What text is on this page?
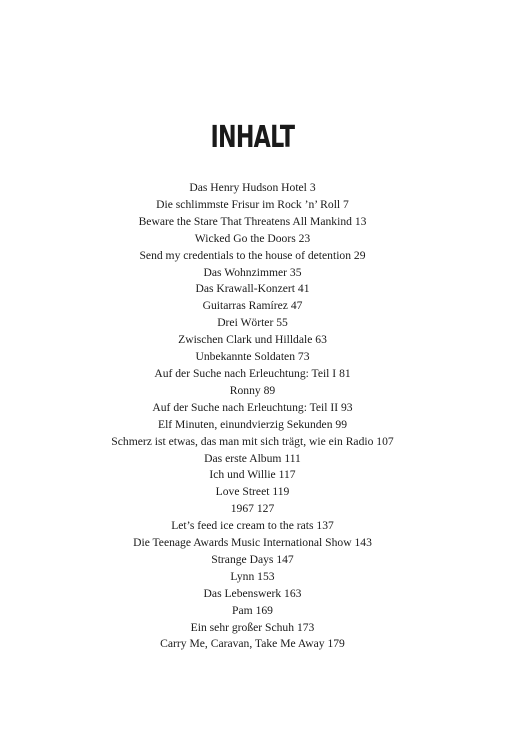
INHALT
Das Henry Hudson Hotel 3
Die schlimmste Frisur im Rock ’n’ Roll 7
Beware the Stare That Threatens All Mankind 13
Wicked Go the Doors 23
Send my credentials to the house of detention 29
Das Wohnzimmer 35
Das Krawall-Konzert 41
Guitarras Ramírez 47
Drei Wörter 55
Zwischen Clark und Hilldale 63
Unbekannte Soldaten 73
Auf der Suche nach Erleuchtung: Teil I 81
Ronny 89
Auf der Suche nach Erleuchtung: Teil II 93
Elf Minuten, einundvierzig Sekunden 99
Schmerz ist etwas, das man mit sich trägt, wie ein Radio 107
Das erste Album 111
Ich und Willie 117
Love Street 119
1967 127
Let’s feed ice cream to the rats 137
Die Teenage Awards Music International Show 143
Strange Days 147
Lynn 153
Das Lebenswerk 163
Pam 169
Ein sehr großer Schuh 173
Carry Me, Caravan, Take Me Away 179
